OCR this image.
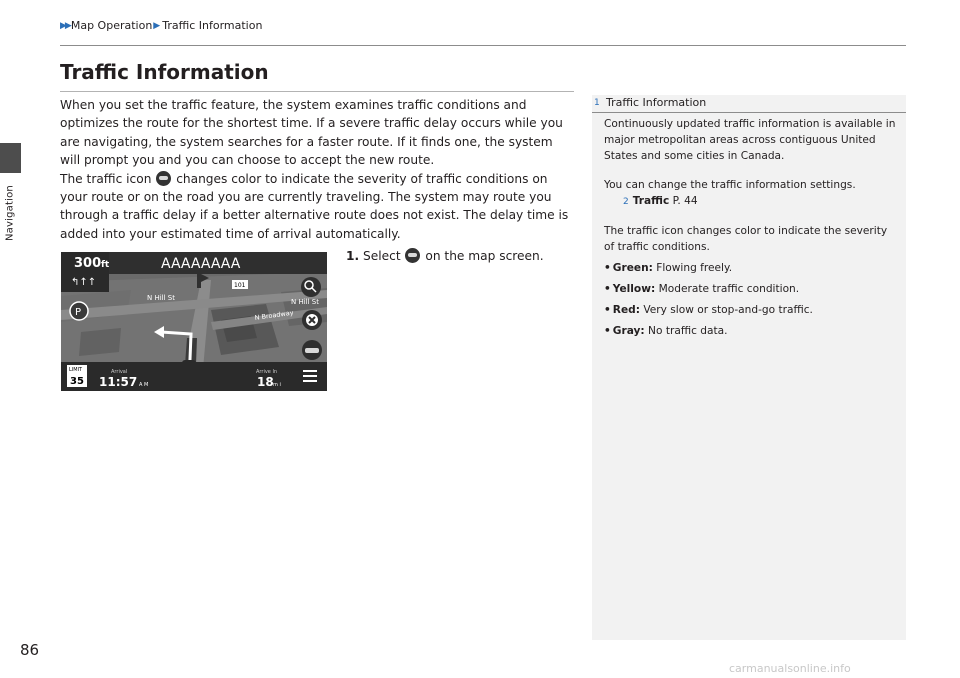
Navigation
▶▶ Map Operation ▶ Traffic Information
Traffic Information

When you set the traffic feature, the system examines traffic conditions and optimizes the route for the shortest time. If a severe traffic delay occurs while you are navigating, the system searches for a faster route. If it finds one, the system will prompt you and you can choose to accept the new route.

The traffic icon changes color to indicate the severity of traffic conditions on your route or on the road you are currently traveling. The system may route you through a traffic delay if a better alternative route does not exist. The delay time is added into your estimated time of arrival automatically.

1. Select on the map screen.
300 ft
↰↑↑
AAAAAAAA
101
N Hill St	N Hill St
N Broadway
P
LIMIT
35
Arrival
11:57 A M
Arrive In
18 m i
1 Traffic Information

Continuously updated traffic information is available in major metropolitan areas across contiguous United States and some cities in Canada.

You can change the traffic information settings.

2 Traffic P. 44

The traffic icon changes color to indicate the severity of traffic conditions.

• Green: Flowing freely.
• Yellow: Moderate traffic condition.
• Red: Very slow or stop-and-go traffic.
• Gray: No traffic data.
86
carmanualsonline.info
